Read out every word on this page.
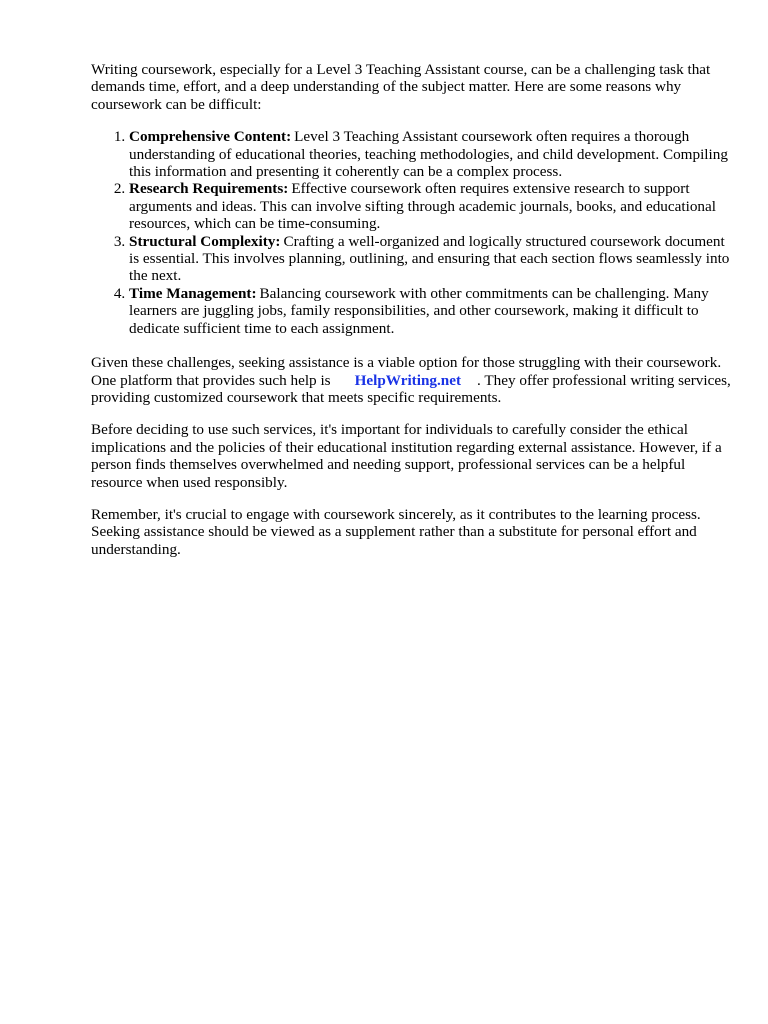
Writing coursework, especially for a Level 3 Teaching Assistant course, can be a challenging task that demands time, effort, and a deep understanding of the subject matter. Here are some reasons why coursework can be difficult:

1. Comprehensive Content: Level 3 Teaching Assistant coursework often requires a thorough understanding of educational theories, teaching methodologies, and child development. Compiling this information and presenting it coherently can be a complex process.
2. Research Requirements: Effective coursework often requires extensive research to support arguments and ideas. This can involve sifting through academic journals, books, and educational resources, which can be time-consuming.
3. Structural Complexity: Crafting a well-organized and logically structured coursework document is essential. This involves planning, outlining, and ensuring that each section flows seamlessly into the next.
4. Time Management: Balancing coursework with other commitments can be challenging. Many learners are juggling jobs, family responsibilities, and other coursework, making it difficult to dedicate sufficient time to each assignment.

Given these challenges, seeking assistance is a viable option for those struggling with their coursework. One platform that provides such help is HelpWriting.net . They offer professional writing services, providing customized coursework that meets specific requirements.

Before deciding to use such services, it's important for individuals to carefully consider the ethical implications and the policies of their educational institution regarding external assistance. However, if a person finds themselves overwhelmed and needing support, professional services can be a helpful resource when used responsibly.

Remember, it's crucial to engage with coursework sincerely, as it contributes to the learning process. Seeking assistance should be viewed as a supplement rather than a substitute for personal effort and understanding.
